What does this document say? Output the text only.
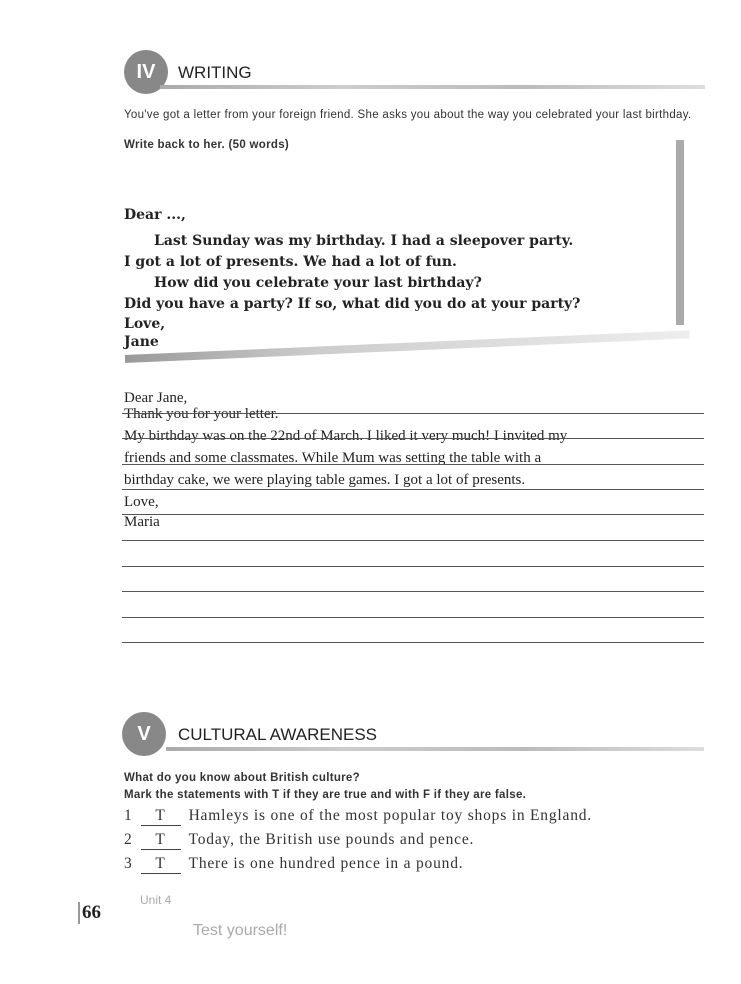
IV	WRITING
You've got a letter from your foreign friend. She asks you about the way you celebrated your last birthday.
Write back to her. (50 words)
Dear ...,
Last Sunday was my birthday. I had a sleepover party.
I got a lot of presents. We had a lot of fun.
How did you celebrate your last birthday?
Did you have a party? If so, what did you do at your party?
Love,
Jane
Dear Jane,
Thank you for your letter.
My birthday was on the 22nd of March. I liked it very much! I invited my
friends and some classmates. While Mum was setting the table with a
birthday cake, we were playing table games. I got a lot of presents.
Love,
Maria
V	CULTURAL AWARENESS
What do you know about British culture?
Mark the statements with T if they are true and with F if they are false.
1 T Hamleys is one of the most popular toy shops in England.
2 T Today, the British use pounds and pence.
3 T There is one hundred pence in a pound.
66
Unit 4
Test yourself!
